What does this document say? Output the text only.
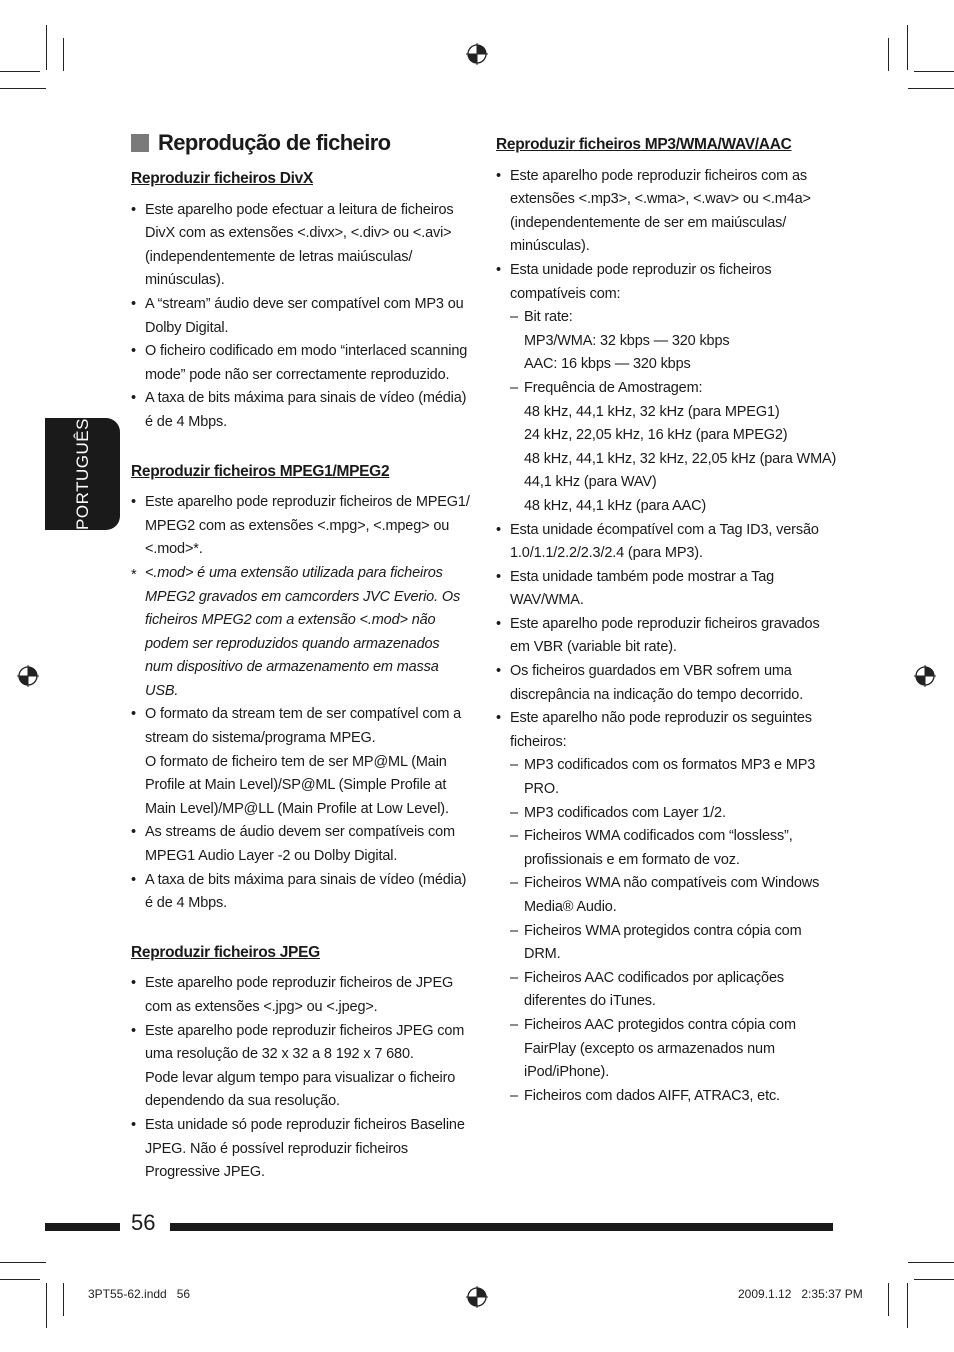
Reprodução de ficheiro
PORTUGUÊS
Reproduzir ficheiros DivX
• Este aparelho pode efectuar a leitura de ficheiros DivX com as extensões <.divx>, <.div> ou <.avi> (independentemente de letras maiúsculas/ minúsculas).
• A “stream” áudio deve ser compatível com MP3 ou Dolby Digital.
• O ficheiro codificado em modo “interlaced scanning mode” pode não ser correctamente reproduzido.
• A taxa de bits máxima para sinais de vídeo (média) é de 4 Mbps.
Reproduzir ficheiros MPEG1/MPEG2
• Este aparelho pode reproduzir ficheiros de MPEG1/ MPEG2 com as extensões <.mpg>, <.mpeg> ou <.mod>*.
* <.mod> é uma extensão utilizada para ficheiros MPEG2 gravados em camcorders JVC Everio. Os ficheiros MPEG2 com a extensão <.mod> não podem ser reproduzidos quando armazenados num dispositivo de armazenamento em massa USB.
• O formato da stream tem de ser compatível com a stream do sistema/programa MPEG.
O formato de ficheiro tem de ser MP@ML (Main Profile at Main Level)/SP@ML (Simple Profile at Main Level)/MP@LL (Main Profile at Low Level).
• As streams de áudio devem ser compatíveis com MPEG1 Audio Layer -2 ou Dolby Digital.
• A taxa de bits máxima para sinais de vídeo (média) é de 4 Mbps.
Reproduzir ficheiros JPEG
• Este aparelho pode reproduzir ficheiros de JPEG com as extensões <.jpg> ou <.jpeg>.
• Este aparelho pode reproduzir ficheiros JPEG com uma resolução de 32 x 32 a 8 192 x 7 680.
Pode levar algum tempo para visualizar o ficheiro dependendo da sua resolução.
• Esta unidade só pode reproduzir ficheiros Baseline JPEG. Não é possível reproduzir ficheiros Progressive JPEG.
Reproduzir ficheiros MP3/WMA/WAV/AAC
• Este aparelho pode reproduzir ficheiros com as extensões <.mp3>, <.wma>, <.wav> ou <.m4a> (independentemente de ser em maiúsculas/ minúsculas).
• Esta unidade pode reproduzir os ficheiros compatíveis com:
– Bit rate:
MP3/WMA: 32 kbps — 320 kbps
AAC: 16 kbps — 320 kbps
– Frequência de Amostragem:
48 kHz, 44,1 kHz, 32 kHz (para MPEG1)
24 kHz, 22,05 kHz, 16 kHz (para MPEG2)
48 kHz, 44,1 kHz, 32 kHz, 22,05 kHz (para WMA)
44,1 kHz (para WAV)
48 kHz, 44,1 kHz (para AAC)
• Esta unidade écompatível com a Tag ID3, versão 1.0/1.1/2.2/2.3/2.4 (para MP3).
• Esta unidade também pode mostrar a Tag WAV/WMA.
• Este aparelho pode reproduzir ficheiros gravados em VBR (variable bit rate).
• Os ficheiros guardados em VBR sofrem uma discrepância na indicação do tempo decorrido.
• Este aparelho não pode reproduzir os seguintes ficheiros:
– MP3 codificados com os formatos MP3 e MP3 PRO.
– MP3 codificados com Layer 1/2.
– Ficheiros WMA codificados com “lossless”, profissionais e em formato de voz.
– Ficheiros WMA não compatíveis com Windows Media® Audio.
– Ficheiros WMA protegidos contra cópia com DRM.
– Ficheiros AAC codificados por aplicações diferentes do iTunes.
– Ficheiros AAC protegidos contra cópia com FairPlay (excepto os armazenados num iPod/iPhone).
– Ficheiros com dados AIFF, ATRAC3, etc.
56
3PT55-62.indd   56	2009.1.12   2:35:37 PM
